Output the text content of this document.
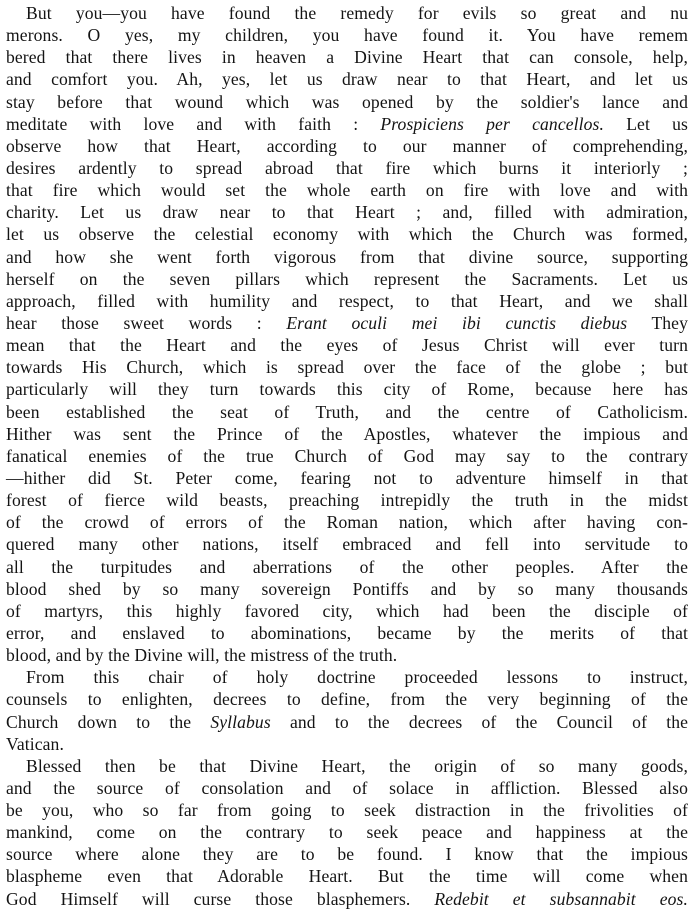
But you—you have found the remedy for evils so great and nu
merons. O yes, my children, you have found it. You have remem
bered that there lives in heaven a Divine Heart that can console, help,
and comfort you. Ah, yes, let us draw near to that Heart, and let us
stay before that wound which was opened by the soldier's lance and
meditate with love and with faith : Prospiciens per cancellos. Let us
observe how that Heart, according to our manner of comprehending,
desires ardently to spread abroad that fire which burns it interiorly ;
that fire which would set the whole earth on fire with love and with
charity. Let us draw near to that Heart ; and, filled with admiration,
let us observe the celestial economy with which the Church was formed,
and how she went forth vigorous from that divine source, supporting
herself on the seven pillars which represent the Sacraments. Let us
approach, filled with humility and respect, to that Heart, and we shall
hear those sweet words : Erant oculi mei ibi cunctis diebus They
mean that the Heart and the eyes of Jesus Christ will ever turn
towards His Church, which is spread over the face of the globe ; but
particularly will they turn towards this city of Rome, because here has
been established the seat of Truth, and the centre of Catholicism.
Hither was sent the Prince of the Apostles, whatever the impious and
fanatical enemies of the true Church of God may say to the contrary
—hither did St. Peter come, fearing not to adventure himself in that
forest of fierce wild beasts, preaching intrepidly the truth in the midst
of the crowd of errors of the Roman nation, which after having con-
quered many other nations, itself embraced and fell into servitude to
all the turpitudes and aberrations of the other peoples. After the
blood shed by so many sovereign Pontiffs and by so many thousands
of martyrs, this highly favored city, which had been the disciple of
error, and enslaved to abominations, became by the merits of that
blood, and by the Divine will, the mistress of the truth.
From this chair of holy doctrine proceeded lessons to instruct,
counsels to enlighten, decrees to define, from the very beginning of the
Church down to the Syllabus and to the decrees of the Council of the
Vatican.
Blessed then be that Divine Heart, the origin of so many goods,
and the source of consolation and of solace in affliction. Blessed also
be you, who so far from going to seek distraction in the frivolities of
mankind, come on the contrary to seek peace and happiness at the
source where alone they are to be found. I know that the impious
blaspheme even that Adorable Heart. But the time will come when
God Himself will curse those blasphemers. Redebit et subsannabit eos.
